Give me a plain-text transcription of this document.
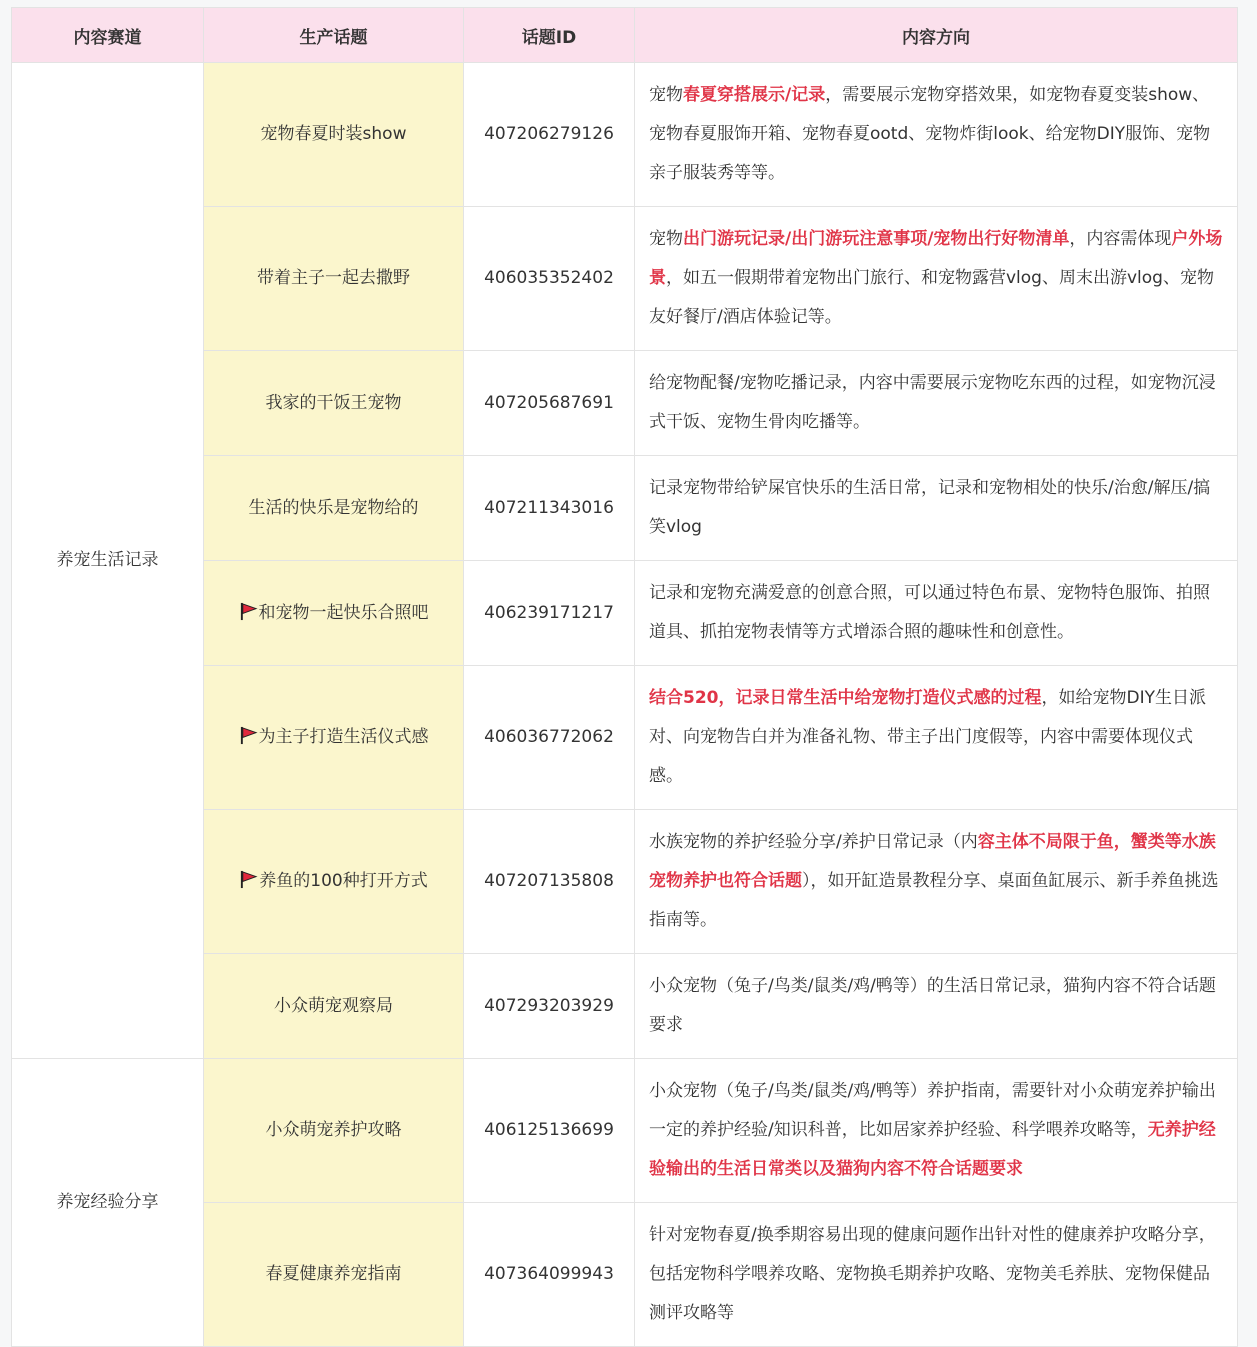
内容赛道	生产话题	话题ID	内容方向
养宠生活记录	宠物春夏时装show	407206279126	宠物春夏穿搭展示/记录，需要展示宠物穿搭效果，如宠物春夏变装show、宠物春夏服饰开箱、宠物春夏ootd、宠物炸街look、给宠物DIY服饰、宠物亲子服装秀等等。
	带着主子一起去撒野	406035352402	宠物出门游玩记录/出门游玩注意事项/宠物出行好物清单，内容需体现户外场景，如五一假期带着宠物出门旅行、和宠物露营vlog、周末出游vlog、宠物友好餐厅/酒店体验记等。
	我家的干饭王宠物	407205687691	给宠物配餐/宠物吃播记录，内容中需要展示宠物吃东西的过程，如宠物沉浸式干饭、宠物生骨肉吃播等。
	生活的快乐是宠物给的	407211343016	记录宠物带给铲屎官快乐的生活日常，记录和宠物相处的快乐/治愈/解压/搞笑vlog
	和宠物一起快乐合照吧	406239171217	记录和宠物充满爱意的创意合照，可以通过特色布景、宠物特色服饰、拍照道具、抓拍宠物表情等方式增添合照的趣味性和创意性。
	为主子打造生活仪式感	406036772062	结合520，记录日常生活中给宠物打造仪式感的过程，如给宠物DIY生日派对、向宠物告白并为准备礼物、带主子出门度假等，内容中需要体现仪式感。
	养鱼的100种打开方式	407207135808	水族宠物的养护经验分享/养护日常记录（内容主体不局限于鱼，蟹类等水族宠物养护也符合话题），如开缸造景教程分享、桌面鱼缸展示、新手养鱼挑选指南等。
	小众萌宠观察局	407293203929	小众宠物（兔子/鸟类/鼠类/鸡/鸭等）的生活日常记录，猫狗内容不符合话题要求
养宠经验分享	小众萌宠养护攻略	406125136699	小众宠物（兔子/鸟类/鼠类/鸡/鸭等）养护指南，需要针对小众萌宠养护输出一定的养护经验/知识科普，比如居家养护经验、科学喂养攻略等，无养护经验输出的生活日常类以及猫狗内容不符合话题要求
	春夏健康养宠指南	407364099943	针对宠物春夏/换季期容易出现的健康问题作出针对性的健康养护攻略分享，包括宠物科学喂养攻略、宠物换毛期养护攻略、宠物美毛养肤、宠物保健品测评攻略等
